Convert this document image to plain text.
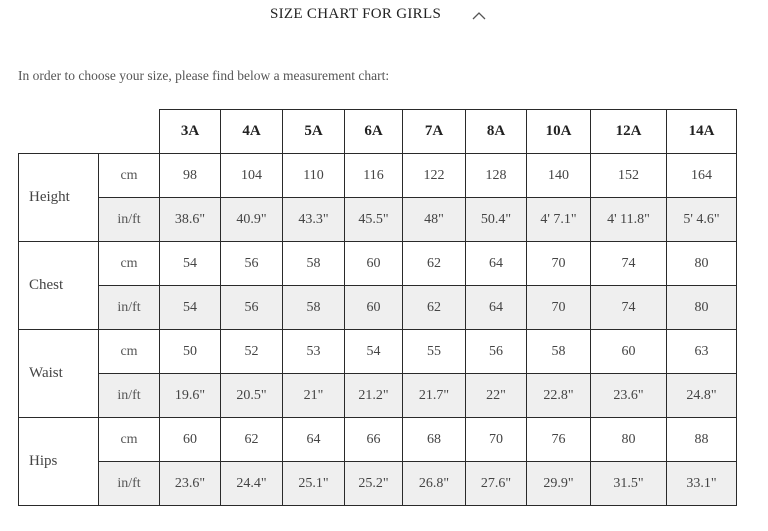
SIZE CHART FOR GIRLS
In order to choose your size, please find below a measurement chart:
		3A	4A	5A	6A	7A	8A	10A	12A	14A
Height	cm	98	104	110	116	122	128	140	152	164
	in/ft	38.6"	40.9"	43.3"	45.5"	48"	50.4"	4' 7.1"	4' 11.8"	5' 4.6"
Chest	cm	54	56	58	60	62	64	70	74	80
	in/ft	54	56	58	60	62	64	70	74	80
Waist	cm	50	52	53	54	55	56	58	60	63
	in/ft	19.6"	20.5"	21"	21.2"	21.7"	22"	22.8"	23.6"	24.8"
Hips	cm	60	62	64	66	68	70	76	80	88
	in/ft	23.6"	24.4"	25.1"	25.2"	26.8"	27.6"	29.9"	31.5"	33.1"
